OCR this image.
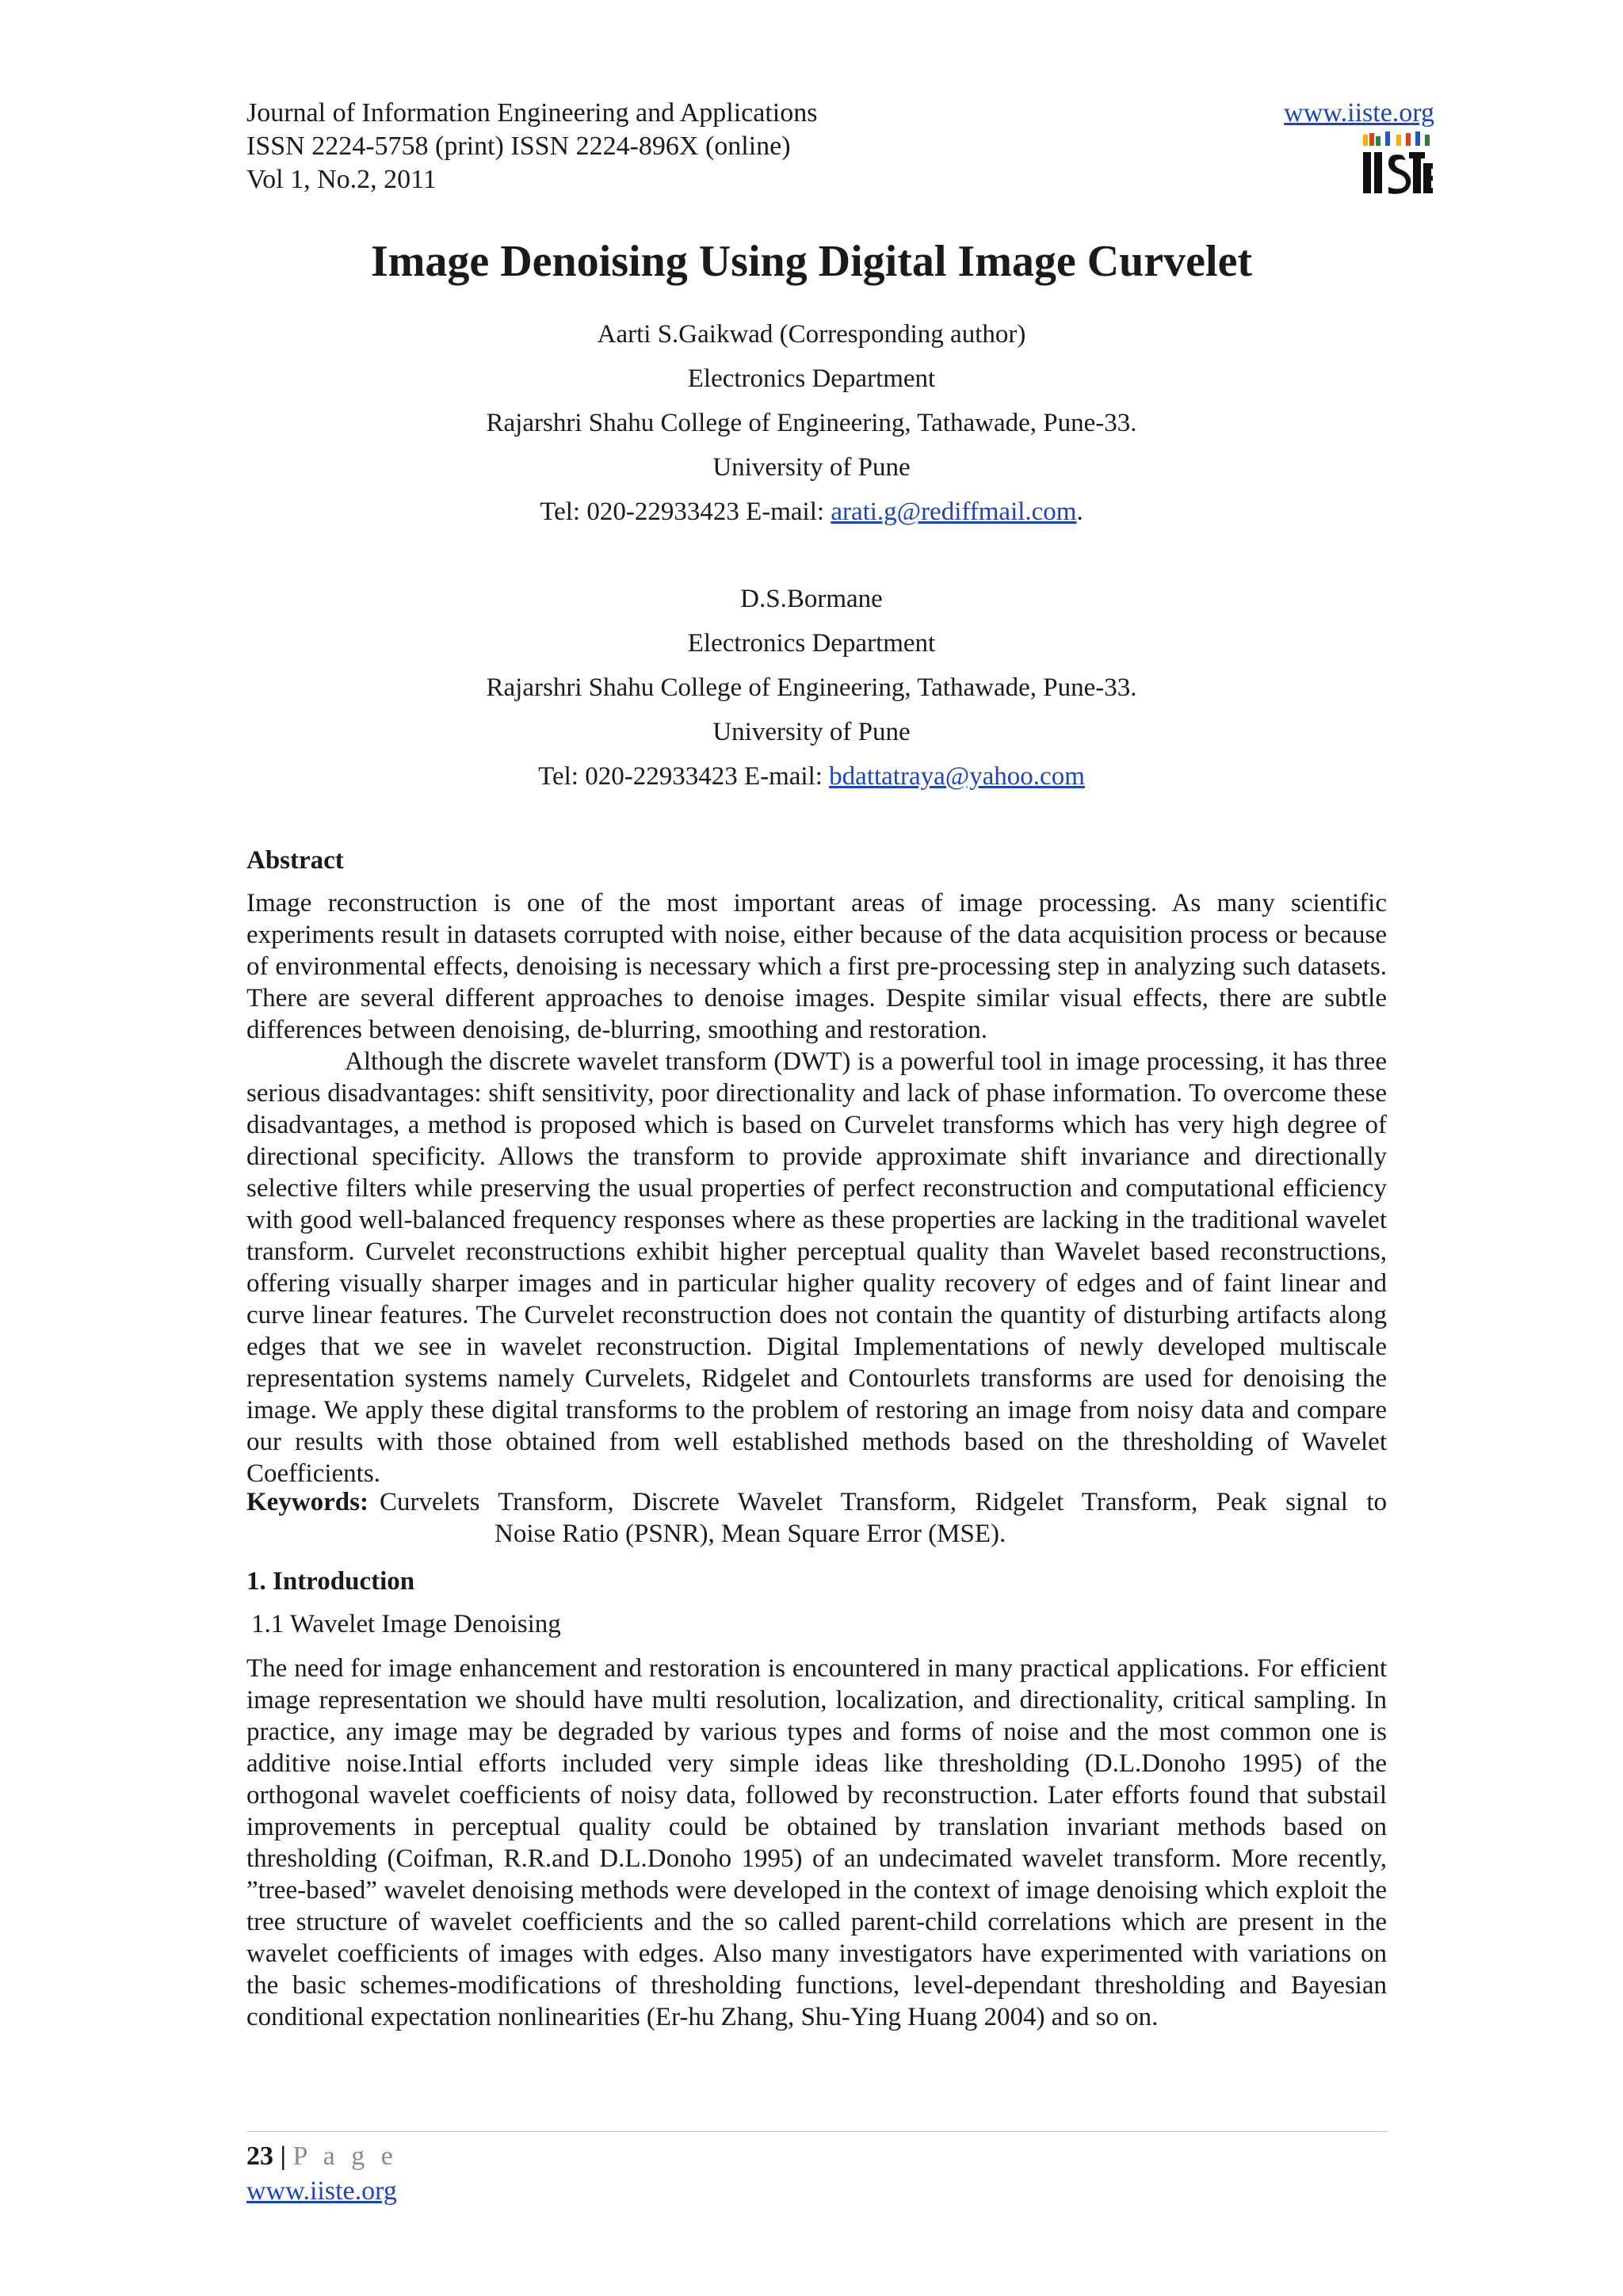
Journal of Information Engineering and Applications
ISSN 2224-5758 (print) ISSN 2224-896X (online)
Vol 1, No.2, 2011
www.iiste.org
Image Denoising Using Digital Image Curvelet
Aarti S.Gaikwad (Corresponding author)
Electronics Department
Rajarshri Shahu College of Engineering, Tathawade, Pune-33.
University of Pune
Tel: 020-22933423 E-mail: arati.g@rediffmail.com.
D.S.Bormane
Electronics Department
Rajarshri Shahu College of Engineering, Tathawade, Pune-33.
University of Pune
Tel: 020-22933423 E-mail: bdattatraya@yahoo.com
Abstract
Image reconstruction is one of the most important areas of image processing. As many scientific experiments result in datasets corrupted with noise, either because of the data acquisition process or because of environmental effects, denoising is necessary which a first pre-processing step in analyzing such datasets. There are several different approaches to denoise images. Despite similar visual effects, there are subtle differences between denoising, de-blurring, smoothing and restoration.
Although the discrete wavelet transform (DWT) is a powerful tool in image processing, it has three serious disadvantages: shift sensitivity, poor directionality and lack of phase information. To overcome these disadvantages, a method is proposed which is based on Curvelet transforms which has very high degree of directional specificity. Allows the transform to provide approximate shift invariance and directionally selective filters while preserving the usual properties of perfect reconstruction and computational efficiency with good well-balanced frequency responses where as these properties are lacking in the traditional wavelet transform. Curvelet reconstructions exhibit higher perceptual quality than Wavelet based reconstructions, offering visually sharper images and in particular higher quality recovery of edges and of faint linear and curve linear features. The Curvelet reconstruction does not contain the quantity of disturbing artifacts along edges that we see in wavelet reconstruction. Digital Implementations of newly developed multiscale representation systems namely Curvelets, Ridgelet and Contourlets transforms are used for denoising the image. We apply these digital transforms to the problem of restoring an image from noisy data and compare our results with those obtained from well established methods based on the thresholding of Wavelet Coefficients.
Keywords: Curvelets Transform, Discrete Wavelet Transform, Ridgelet Transform, Peak signal to
Noise Ratio (PSNR), Mean Square Error (MSE).
1. Introduction
1.1 Wavelet Image Denoising
The need for image enhancement and restoration is encountered in many practical applications. For efficient image representation we should have multi resolution, localization, and directionality, critical sampling. In practice, any image may be degraded by various types and forms of noise and the most common one is additive noise.Intial efforts included very simple ideas like thresholding (D.L.Donoho 1995) of the orthogonal wavelet coefficients of noisy data, followed by reconstruction. Later efforts found that substail improvements in perceptual quality could be obtained by translation invariant methods based on thresholding (Coifman, R.R.and D.L.Donoho 1995) of an undecimated wavelet transform. More recently, ”tree-based” wavelet denoising methods were developed in the context of image denoising which exploit the tree structure of wavelet coefficients and the so called parent-child correlations which are present in the wavelet coefficients of images with edges. Also many investigators have experimented with variations on the basic schemes-modifications of thresholding functions, level-dependant thresholding and Bayesian conditional expectation nonlinearities (Er-hu Zhang, Shu-Ying Huang 2004) and so on.
23 | P a g e
www.iiste.org
